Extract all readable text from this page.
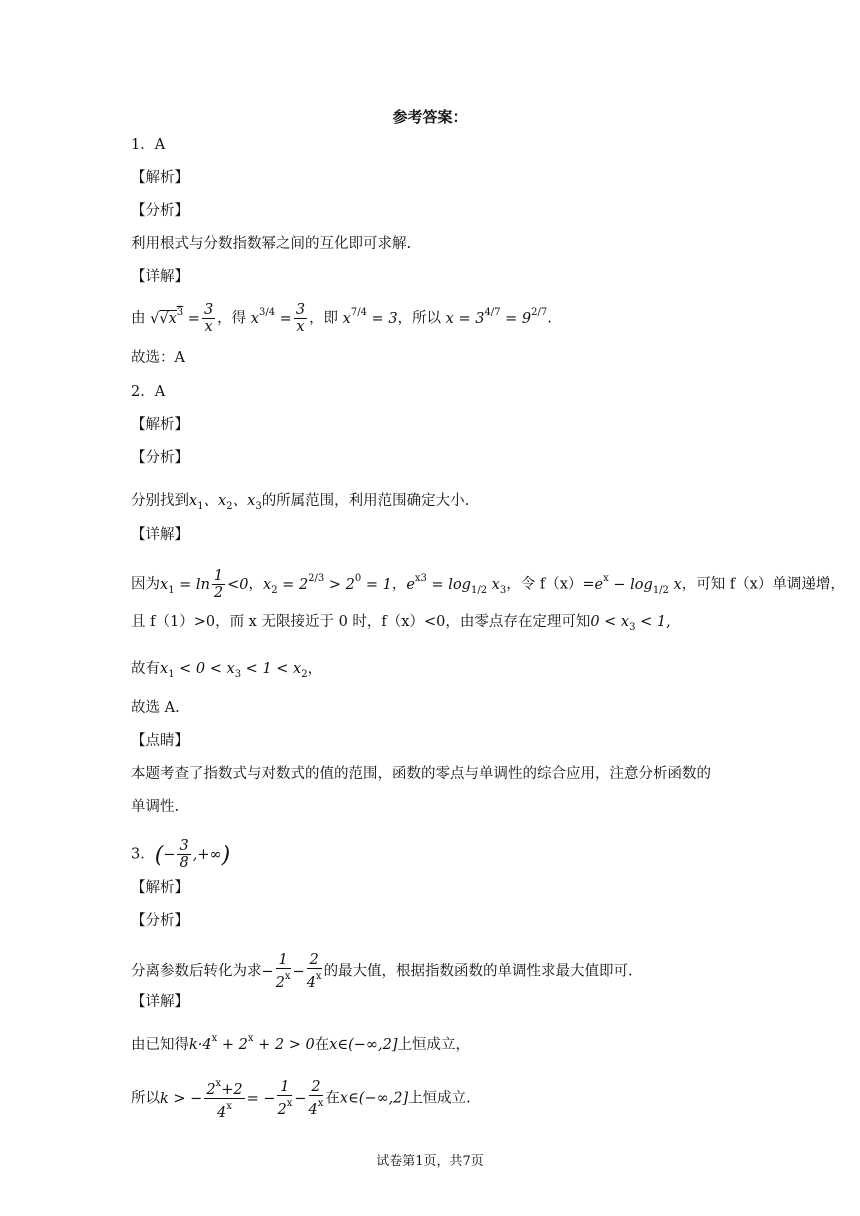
参考答案：
1．A
【解析】
【分析】
利用根式与分数指数幂之间的互化即可求解.
【详解】
由 $√√x^3 = \frac{3}{x}$ ，得 $x^{3/4} = \frac{3}{x}$ ，即 $x^{7/4} = 3$，所以 $x = 3^{4/7} = 9^{2/7}$.
故选：A
2．A
【解析】
【分析】
分别找到$x_1$、$x_2$、$x_3$的所属范围，利用范围确定大小.
【详解】
因为$x_1 = \ln \frac{1}{2} <0$，$x_2 = 2^{2/3} > 2^0 = 1$，$e^{x3} = \log_{1/2} x_3$，令 $f(x)=e^x - \log_{1/2} x$，可知 f（x）单调递增，
且 f（1）>0，而 x 无限接近于 0 时，f（x）<0，由零点存在定理可知$0 < x_3 < 1$,
故有$x_1 < 0 < x_3 < 1 < x_2$，
故选 A.
【点睛】
本题考查了指数式与对数式的值的范围，函数的零点与单调性的综合应用，注意分析函数的
单调性.
3．(− $\frac{3}{8}$ ,+∞)
【解析】
【分析】
分离参数后转化为求− $\frac{1}{2^x} - \frac{2}{4^x}$ 的最大值，根据指数函数的单调性求最大值即可.
【详解】
由已知得$k\cdot 4^x + 2^x + 2 > 0$在x∈(−∞,2]上恒成立，
所以k > − $\frac{2^x+2}{4^x}$ = − $\frac{1}{2^x} - \frac{2}{4^x}$ 在x∈(−∞,2]上恒成立.
试卷第1页，共7页
